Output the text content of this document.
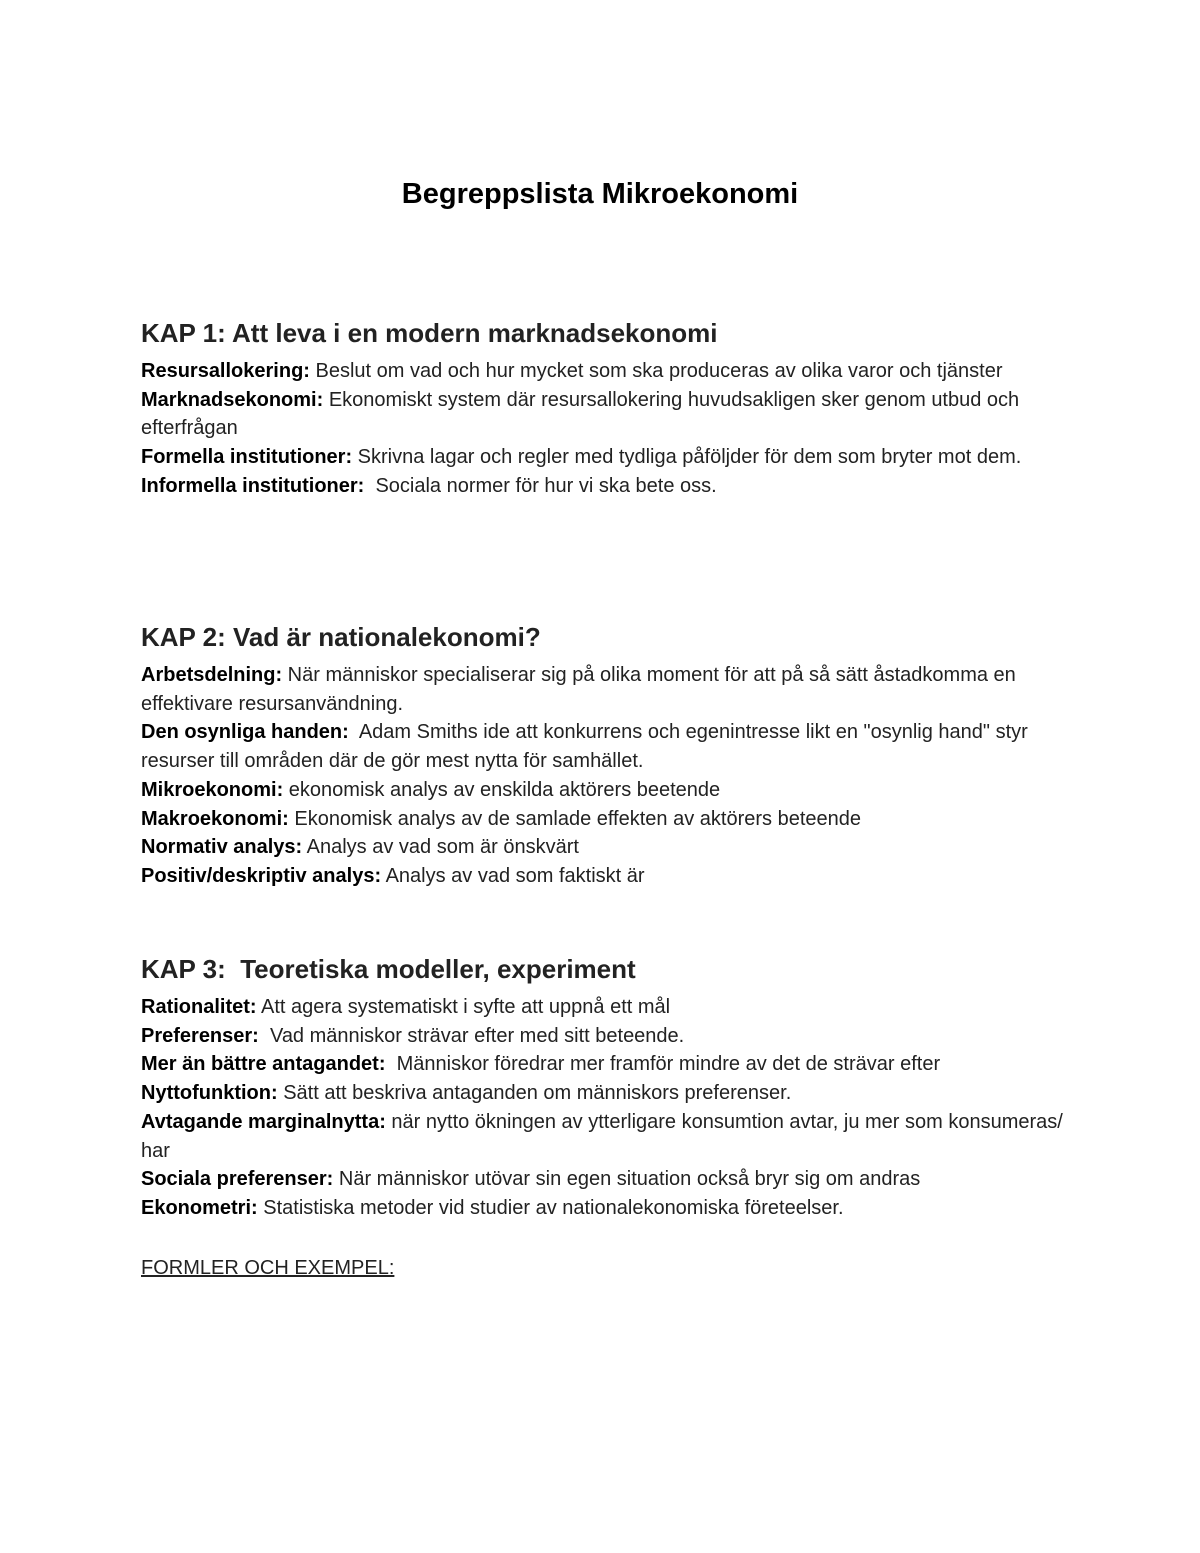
Begreppslista Mikroekonomi
KAP 1: Att leva i en modern marknadsekonomi

Resursallokering: Beslut om vad och hur mycket som ska produceras av olika varor och tjänster

Marknadsekonomi: Ekonomiskt system där resursallokering huvudsakligen sker genom utbud och efterfrågan

Formella institutioner: Skrivna lagar och regler med tydliga påföljder för dem som bryter mot dem.

Informella institutioner:  Sociala normer för hur vi ska bete oss.

KAP 2: Vad är nationalekonomi?

Arbetsdelning: När människor specialiserar sig på olika moment för att på så sätt åstadkomma en effektivare resursanvändning.

Den osynliga handen:  Adam Smiths ide att konkurrens och egenintresse likt en "osynlig hand" styr resurser till områden där de gör mest nytta för samhället.

Mikroekonomi: ekonomisk analys av enskilda aktörers beetende

Makroekonomi: Ekonomisk analys av de samlade effekten av aktörers beteende

Normativ analys: Analys av vad som är önskvärt

Positiv/deskriptiv analys: Analys av vad som faktiskt är

KAP 3:  Teoretiska modeller, experiment

Rationalitet: Att agera systematiskt i syfte att uppnå ett mål

Preferenser:  Vad människor strävar efter med sitt beteende.

Mer än bättre antagandet:  Människor föredrar mer framför mindre av det de strävar efter

Nyttofunktion: Sätt att beskriva antaganden om människors preferenser.

Avtagande marginalnytta: när nytto ökningen av ytterligare konsumtion avtar, ju mer som konsumeras/ har

Sociala preferenser: När människor utövar sin egen situation också bryr sig om andras

Ekonometri: Statistiska metoder vid studier av nationalekonomiska företeelser.

FORMLER OCH EXEMPEL:
